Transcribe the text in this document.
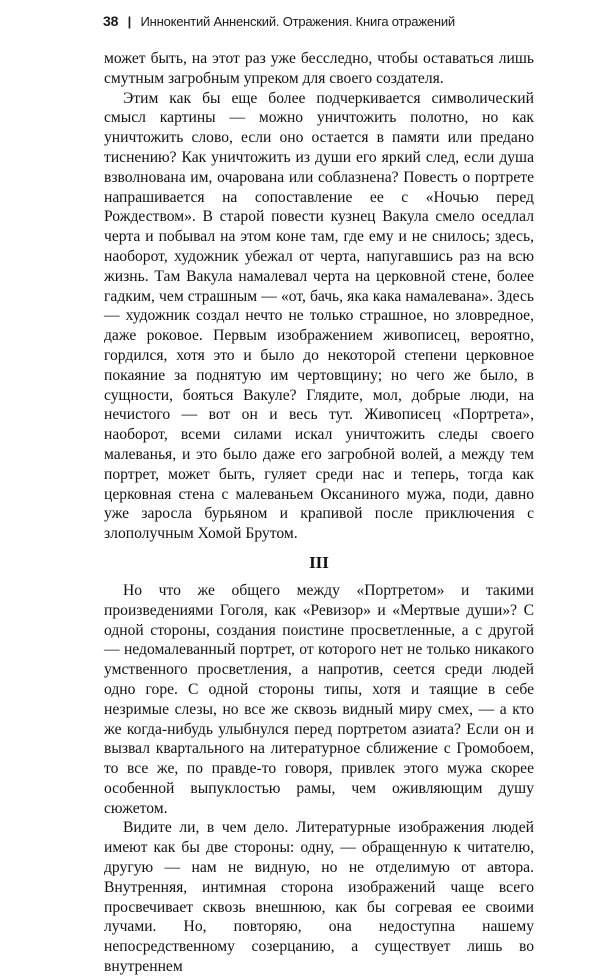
38 | Иннокентий Анненский. Отражения. Книга отражений

может быть, на этот раз уже бесследно, чтобы оставаться лишь смутным загробным упреком для своего создателя.

Этим как бы еще более подчеркивается символический смысл картины — можно уничтожить полотно, но как уничтожить слово, если оно остается в памяти или предано тиснению? Как уничтожить из души его яркий след, если душа взволнована им, очарована или соблазнена? Повесть о портрете напрашивается на сопоставление ее с «Ночью перед Рождеством». В старой повести кузнец Вакула смело оседлал черта и побывал на этом коне там, где ему и не снилось; здесь, наоборот, художник убежал от черта, напугавшись раз на всю жизнь. Там Вакула намалевал черта на церковной стене, более гадким, чем страшным — «от, бачь, яка кака намалевана». Здесь — художник создал нечто не только страшное, но зловредное, даже роковое. Первым изображением живописец, вероятно, гордился, хотя это и было до некоторой степени церковное покаяние за поднятую им чертовщину; но чего же было, в сущности, бояться Вакуле? Глядите, мол, добрые люди, на нечистого — вот он и весь тут. Живописец «Портрета», наоборот, всеми силами искал уничтожить следы своего малеванья, и это было даже его загробной волей, а между тем портрет, может быть, гуляет среди нас и теперь, тогда как церковная стена с малеваньем Оксаниного мужа, поди, давно уже заросла бурьяном и крапивой после приключения с злополучным Хомой Брутом.

III

Но что же общего между «Портретом» и такими произведениями Гоголя, как «Ревизор» и «Мертвые души»? С одной стороны, создания поистине просветленные, а с другой — недомалеванный портрет, от которого нет не только никакого умственного просветления, а напротив, сеется среди людей одно горе. С одной стороны типы, хотя и таящие в себе незримые слезы, но все же сквозь видный миру смех, — а кто же когда-нибудь улыбнулся перед портретом азиата? Если он и вызвал квартального на литературное сближение с Громобоем, то все же, по правде-то говоря, привлек этого мужа скорее особенной выпуклостью рамы, чем оживляющим душу сюжетом.

Видите ли, в чем дело. Литературные изображения людей имеют как бы две стороны: одну, — обращенную к читателю, другую — нам не видную, но не отделимую от автора. Внутренняя, интимная сторона изображений чаще всего просвечивает сквозь внешнюю, как бы согревая ее своими лучами. Но, повторяю, она недоступна нашему непосредственному созерцанию, а существует лишь во внутреннем
